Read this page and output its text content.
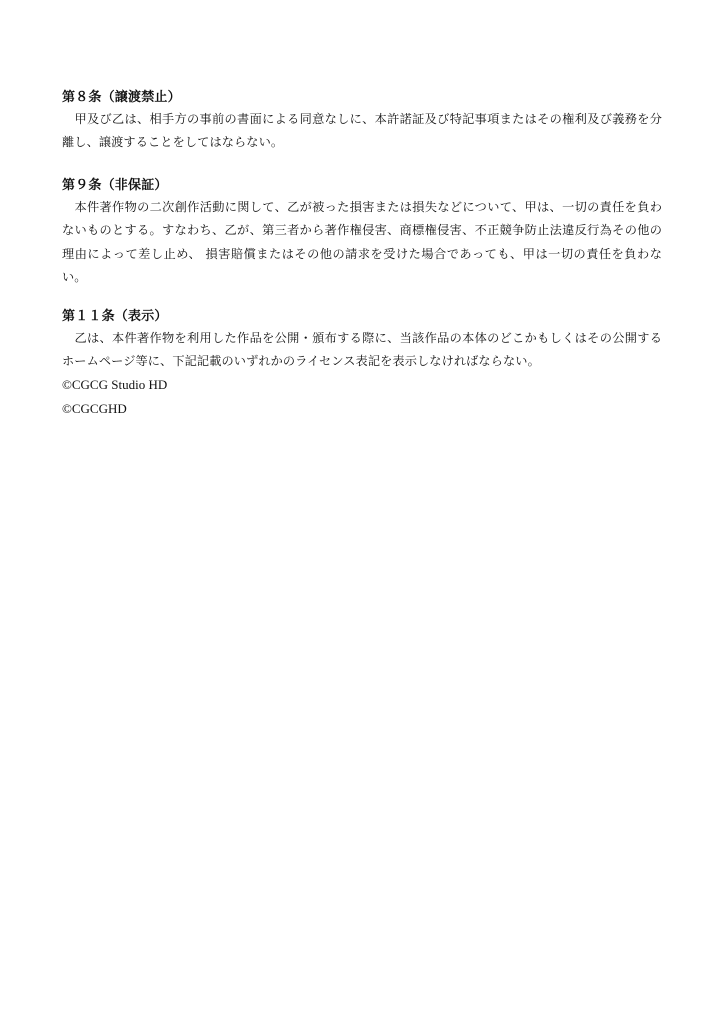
第８条（譲渡禁止）
甲及び乙は、相手方の事前の書面による同意なしに、本許諾証及び特記事項またはその権利及び義務を分離し、譲渡することをしてはならない。
第９条（非保証）
本件著作物の二次創作活動に関して、乙が被った損害または損失などについて、甲は、一切の責任を負わないものとする。すなわち、乙が、第三者から著作権侵害、商標権侵害、不正競争防止法違反行為その他の理由によって差し止め、 損害賠償またはその他の請求を受けた場合であっても、甲は一切の責任を負わない。
第１１条（表示）
乙は、本件著作物を利用した作品を公開・頒布する際に、当該作品の本体のどこかもしくはその公開するホームページ等に、下記記載のいずれかのライセンス表記を表示しなければならない。
©CGCG Studio HD
©CGCGHD
